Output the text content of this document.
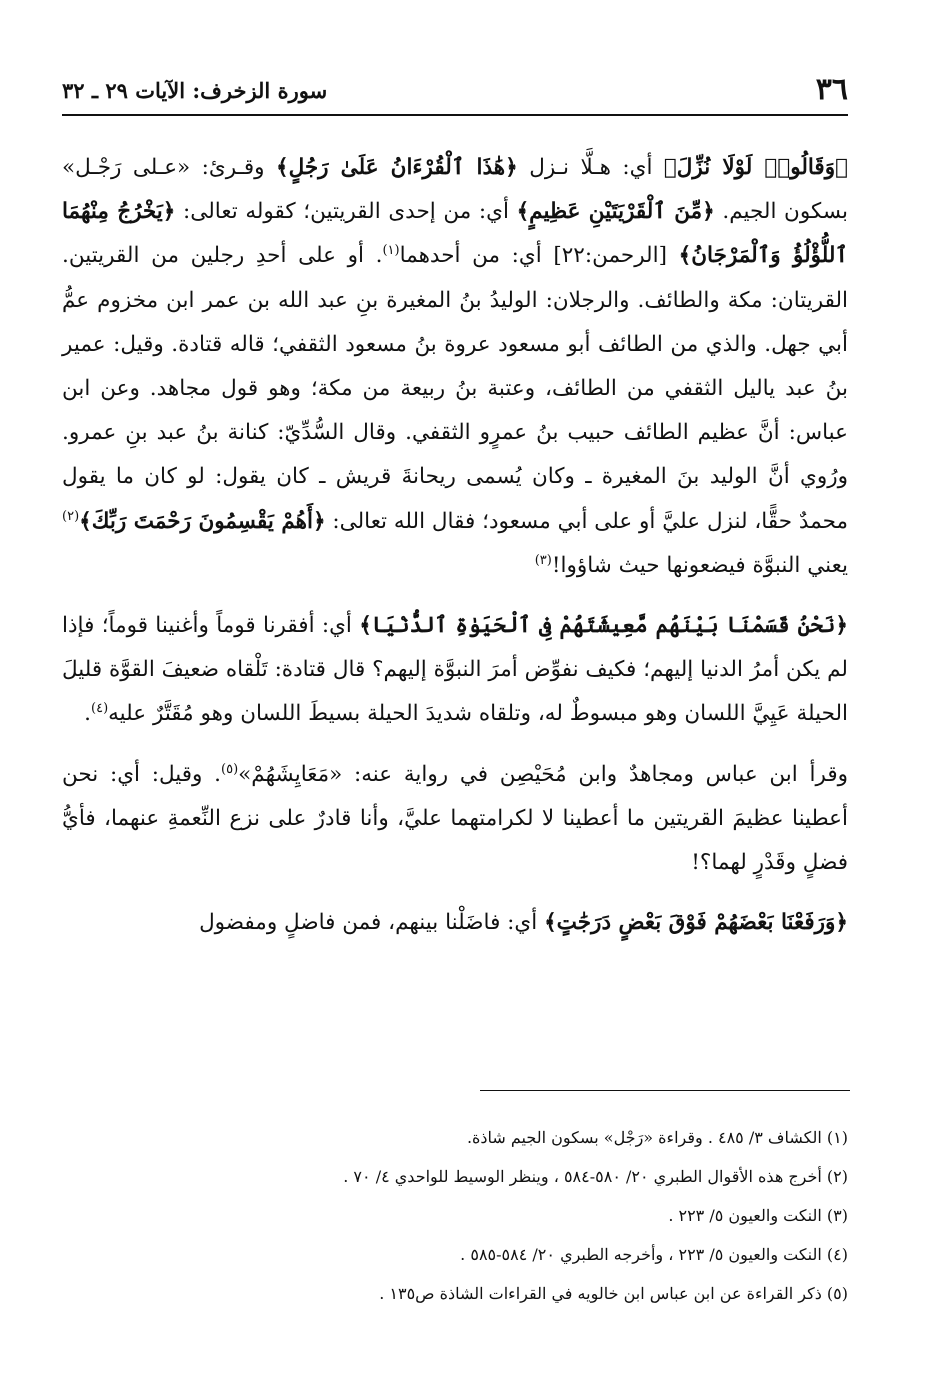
٣٦
سورة الزخرف: الآيات ٢٩ ـ ٣٢

﴿وَقَالُوا۟ لَوْلَا نُزِّلَ﴾ أي: هـلَّا نـزل ﴿هَٰذَا ٱلْقُرْءَانُ عَلَىٰ رَجُلٍ﴾ وقـرئ: «عـلى رَجْـل» بسكون الجيم. ﴿مِّنَ ٱلْقَرْيَتَيْنِ عَظِيمٍ﴾ أي: من إحدى القريتين؛ كقوله تعالى: ﴿يَخْرُجُ مِنْهُمَا ٱللُّؤْلُؤُ وَٱلْمَرْجَانُ﴾ [الرحمن:٢٢] أي: من أحدهما$^{(١)}$. أو على أحدِ رجلين من القريتين. القريتان: مكة والطائف. والرجلان: الوليدُ بنُ المغيرة بنِ عبد الله بن عمر ابن مخزوم عمُّ أبي جهل. والذي من الطائف أبو مسعود عروة بنُ مسعود الثقفي؛ قاله قتادة. وقيل: عمير بنُ عبد ياليل الثقفي من الطائف، وعتبة بنُ ربيعة من مكة؛ وهو قول مجاهد. وعن ابن عباس: أنَّ عظيم الطائف حبيب بنُ عمرٍو الثقفي. وقال السُّدِّيّ: كنانة بنُ عبد بنِ عمرو. ورُوي أنَّ الوليد بنَ المغيرة ـ وكان يُسمى ريحانةَ قريش ـ كان يقول: لو كان ما يقول محمدٌ حقًّا، لنزل عليَّ أو على أبي مسعود؛ فقال الله تعالى: ﴿أَهُمْ يَقْسِمُونَ رَحْمَتَ رَبِّكَ﴾$^{(٢)}$ يعني النبوَّة فيضعونها حيث شاؤوا!$^{(٣)}$

﴿نَحْنُ قَسَمْنَا بَيْنَهُم مَّعِيشَتَهُمْ فِى ٱلْحَيَوٰةِ ٱلدُّنْيَا﴾ أي: أفقرنا قوماً وأغنينا قوماً؛ فإذا لم يكن أمرُ الدنيا إليهم؛ فكيف نفوِّض أمرَ النبوَّة إليهم؟ قال قتادة: تَلْقاه ضعيفَ القوَّة قليلَ الحيلة عَيِيَّ اللسان وهو مبسوطٌ له، وتلقاه شديدَ الحيلة بسيطَ اللسان وهو مُقَتَّرٌ عليه$^{(٤)}$.

وقرأ ابن عباس ومجاهدٌ وابن مُحَيْصِن في رواية عنه: «مَعَايِشَهُمْ»$^{(٥)}$. وقيل: أي: نحن أعطينا عظيمَ القريتين ما أعطينا لا لكرامتهما عليَّ، وأنا قادرٌ على نزع النِّعمةِ عنهما، فأيُّ فضلٍ وقَدْرٍ لهما؟!

﴿وَرَفَعْنَا بَعْضَهُمْ فَوْقَ بَعْضٍ دَرَجَٰتٍ﴾ أي: فاضَلْنا بينهم، فمن فاضلٍ ومفضول

(١) الكشاف ٣/ ٤٨٥ . وقراءة «رَجْل» بسكون الجيم شاذة.

(٢) أخرج هذه الأقوال الطبري ٢٠/ ٥٨٠-٥٨٤ ، وينظر الوسيط للواحدي ٤/ ٧٠ .

(٣) النكت والعيون ٥/ ٢٢٣ .

(٤) النكت والعيون ٥/ ٢٢٣ ، وأخرجه الطبري ٢٠/ ٥٨٤-٥٨٥ .

(٥) ذكر القراءة عن ابن عباس ابن خالويه في القراءات الشاذة ص١٣٥ .
